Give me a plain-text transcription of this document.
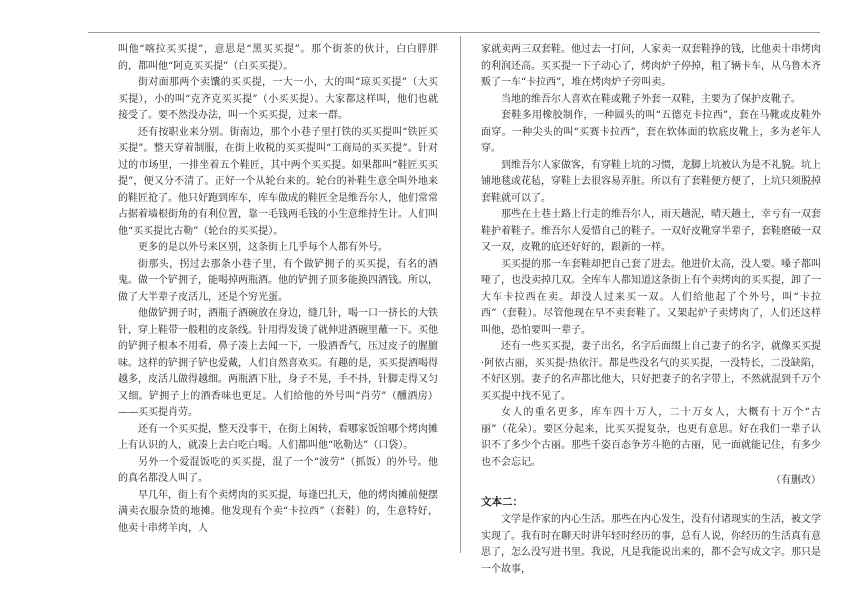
叫他“喀拉买买提”，意思是“黑买买提”。那个街茶的伙计，白白胖胖的，都叫他“阿克买买提”（白买买提）。

街对面那两个卖馕的买买提，一大一小，大的叫“琼买买提”（大买买提），小的叫“克齐克买买提”（小买买提）。大家都这样叫，他们也就接受了。要不然没办法，叫一个买买提，过来一群。

还有按职业来分别。街南边，那个小巷子里打铁的买买提叫“铁匠买买提”。整天穿着制服，在街上收税的买买提叫“工商局的买买提”。针对过的市场里，一排坐着五个鞋匠，其中两个买买提。如果都叫“鞋匠买买提”，便又分不清了。正好一个从轮台来的。轮台的补鞋生意全叫外地来的鞋匠抢了。他只好跑到库车，库车做成的鞋匠全是维吾尔人，他们常常占据着墙根街角的有利位置，靠一毛钱两毛钱的小生意维持生计。人们叫他“买买提比古勒”（轮台的买买提）。

更多的是以外号来区别，这条街上几乎每个人都有外号。

街那头，拐过去那条小巷子里，有个做铲拥子的买买提，有名的酒鬼。做一个铲拥子，能喝掉两瓶酒。他的铲拥子顶多能换四酒钱。所以，做了大半辈子皮活儿，还是个穷光蛋。

他做铲拥子时，酒瓶子酒碗放在身边，缝几针，喝一口一挤长的大铁针，穿上鞋带一般粗的皮条线。针用得发烫了就伸进酒碗里蘸一下。买他的铲拥子根本不用看，鼻子凑上去闻一下，一股酒香气，压过皮子的腥膻味。这样的铲拥子铲也爱戴，人们自然喜欢买。有趣的是，买买提酒喝得越多，皮活儿做得越细。两瓶酒下肚，身子不晃，手不抖，针脚走得又匀又细。铲拥子上的酒香味也更足。人们给他的外号叫“肖劳”（醺酒房）——买买提肖劳。

还有一个买买提，整天没事干，在街上闲转，看哪家饭馆哪个烤肉摊上有认识的人，就凑上去白吃白喝。人们都叫他“吆勒达”（口袋）。

另外一个爱混饭吃的买买提，混了一个“波劳”（抓饭）的外号。他的真名都没人叫了。

早几年，街上有个卖烤肉的买买提，每逢巴扎天，他的烤肉摊前便摆满卖衣服杂货的地摊。他发现有个卖“卡拉西”（套鞋）的，生意特好，他卖十串烤羊肉，人

家就卖两三双套鞋。他过去一打问，人家卖一双套鞋挣的钱，比他卖十串烤肉的利润还高。买买提一下子动心了，烤肉炉子停掉，租了辆卡车，从乌鲁木齐贩了一车“卡拉西”，堆在烤肉炉子旁叫卖。

当地的维吾尔人喜欢在鞋或靴子外套一双鞋，主要为了保护皮靴子。

套鞋多用橡胶制作，一种圆头的叫“五德克卡拉西”，套在马靴或皮鞋外面穿。一种尖头的叫“买赛卡拉西”，套在软体面的软底皮靴上，多为老年人穿。

到维吾尔人家做客，有穿鞋上坑的习惯，龙脚上坑被认为是不礼貌。坑上铺地毯或花毡，穿鞋上去很容易弄脏。所以有了套鞋便方便了，上坑只须脱掉套鞋就可以了。

那些在土巷土路上行走的维吾尔人，雨天趟泥，晴天趟土，幸亏有一双套鞋护着鞋子。维吾尔人爱惜自己的鞋子。一双好皮靴穿半辈子，套鞋磨破一双又一双，皮靴的底还好好的，跟新的一样。

买买提的那一车套鞋却把自己套了进去。他进价太高，没人要。嗓子都叫哑了，也没卖掉几双。全库车人都知道这条街上有个卖烤肉的买买提，卸了一大车卡拉西在卖。却没人过来买一双。人们给他起了个外号，叫“卡拉西”（套鞋）。尽管他现在早不卖套鞋了。又架起炉子卖烤肉了，人们还这样叫他，恐怕要叫一辈子。

还有一些买买提，妻子出名，名字后面缀上自己妻子的名字，就像买买提·阿依古丽，买买提·热依汗。都是些没名气的买买提，一没特长，二没缺陷，不好区别。妻子的名声都比他大，只好把妻子的名字带上，不然就混到千万个买买提中找不见了。

女人的重名更多，库车四十万人，二十万女人，大概有十万个“古丽”（花朵）。要区分起来，比买买提复杂，也更有意思。好在我们一辈子认识不了多少个古丽。那些千姿百态争芳斗艳的古丽，见一面就能记住，有多少也不会忘记。

（有删改）

文本二：

文学是作家的内心生活。那些在内心发生，没有付诸现实的生活，被文学实现了。我有时在聊天时讲年轻时经历的事，总有人说，你经历的生活真有意思了，怎么没写进书里。我说，凡是我能说出来的，都不会写成文字。那只是一个故事，
